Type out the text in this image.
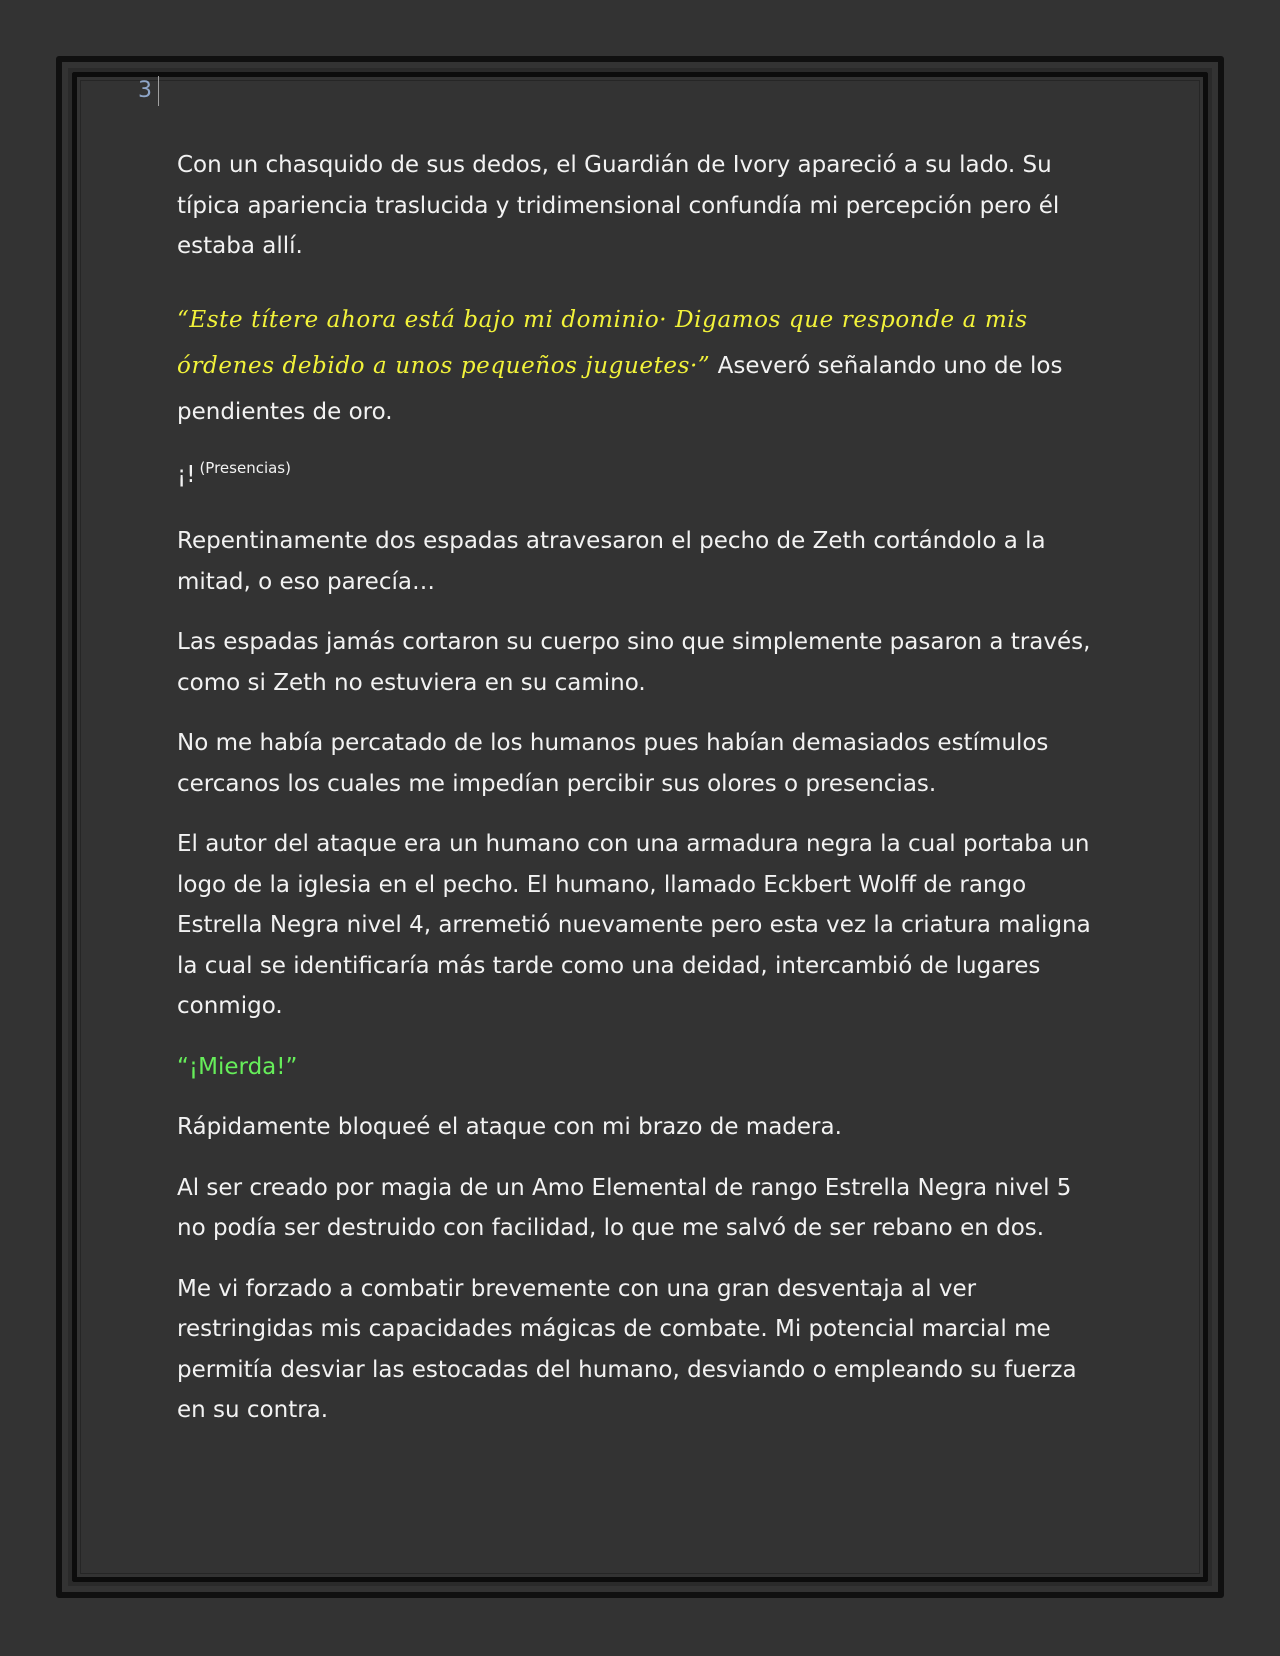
3

Con un chasquido de sus dedos, el Guardián de Ivory apareció a su lado. Su típica apariencia traslucida y tridimensional confundía mi percepción pero él estaba allí.

“Este títere ahora está bajo mi dominio· Digamos que responde a mis órdenes debido a unos pequeños juguetes·” Aseveró señalando uno de los pendientes de oro.

¡! $^{(Presencias)}$

Repentinamente dos espadas atravesaron el pecho de Zeth cortándolo a la mitad, o eso parecía…

Las espadas jamás cortaron su cuerpo sino que simplemente pasaron a través, como si Zeth no estuviera en su camino.

No me había percatado de los humanos pues habían demasiados estímulos cercanos los cuales me impedían percibir sus olores o presencias.

El autor del ataque era un humano con una armadura negra la cual portaba un logo de la iglesia en el pecho. El humano, llamado Eckbert Wolff de rango Estrella Negra nivel 4, arremetió nuevamente pero esta vez la criatura maligna la cual se identificaría más tarde como una deidad, intercambió de lugares conmigo.

“¡Mierda!”

Rápidamente bloqueé el ataque con mi brazo de madera.

Al ser creado por magia de un Amo Elemental de rango Estrella Negra nivel 5 no podía ser destruido con facilidad, lo que me salvó de ser rebano en dos.

Me vi forzado a combatir brevemente con una gran desventaja al ver restringidas mis capacidades mágicas de combate. Mi potencial marcial me permitía desviar las estocadas del humano, desviando o empleando su fuerza en su contra.
